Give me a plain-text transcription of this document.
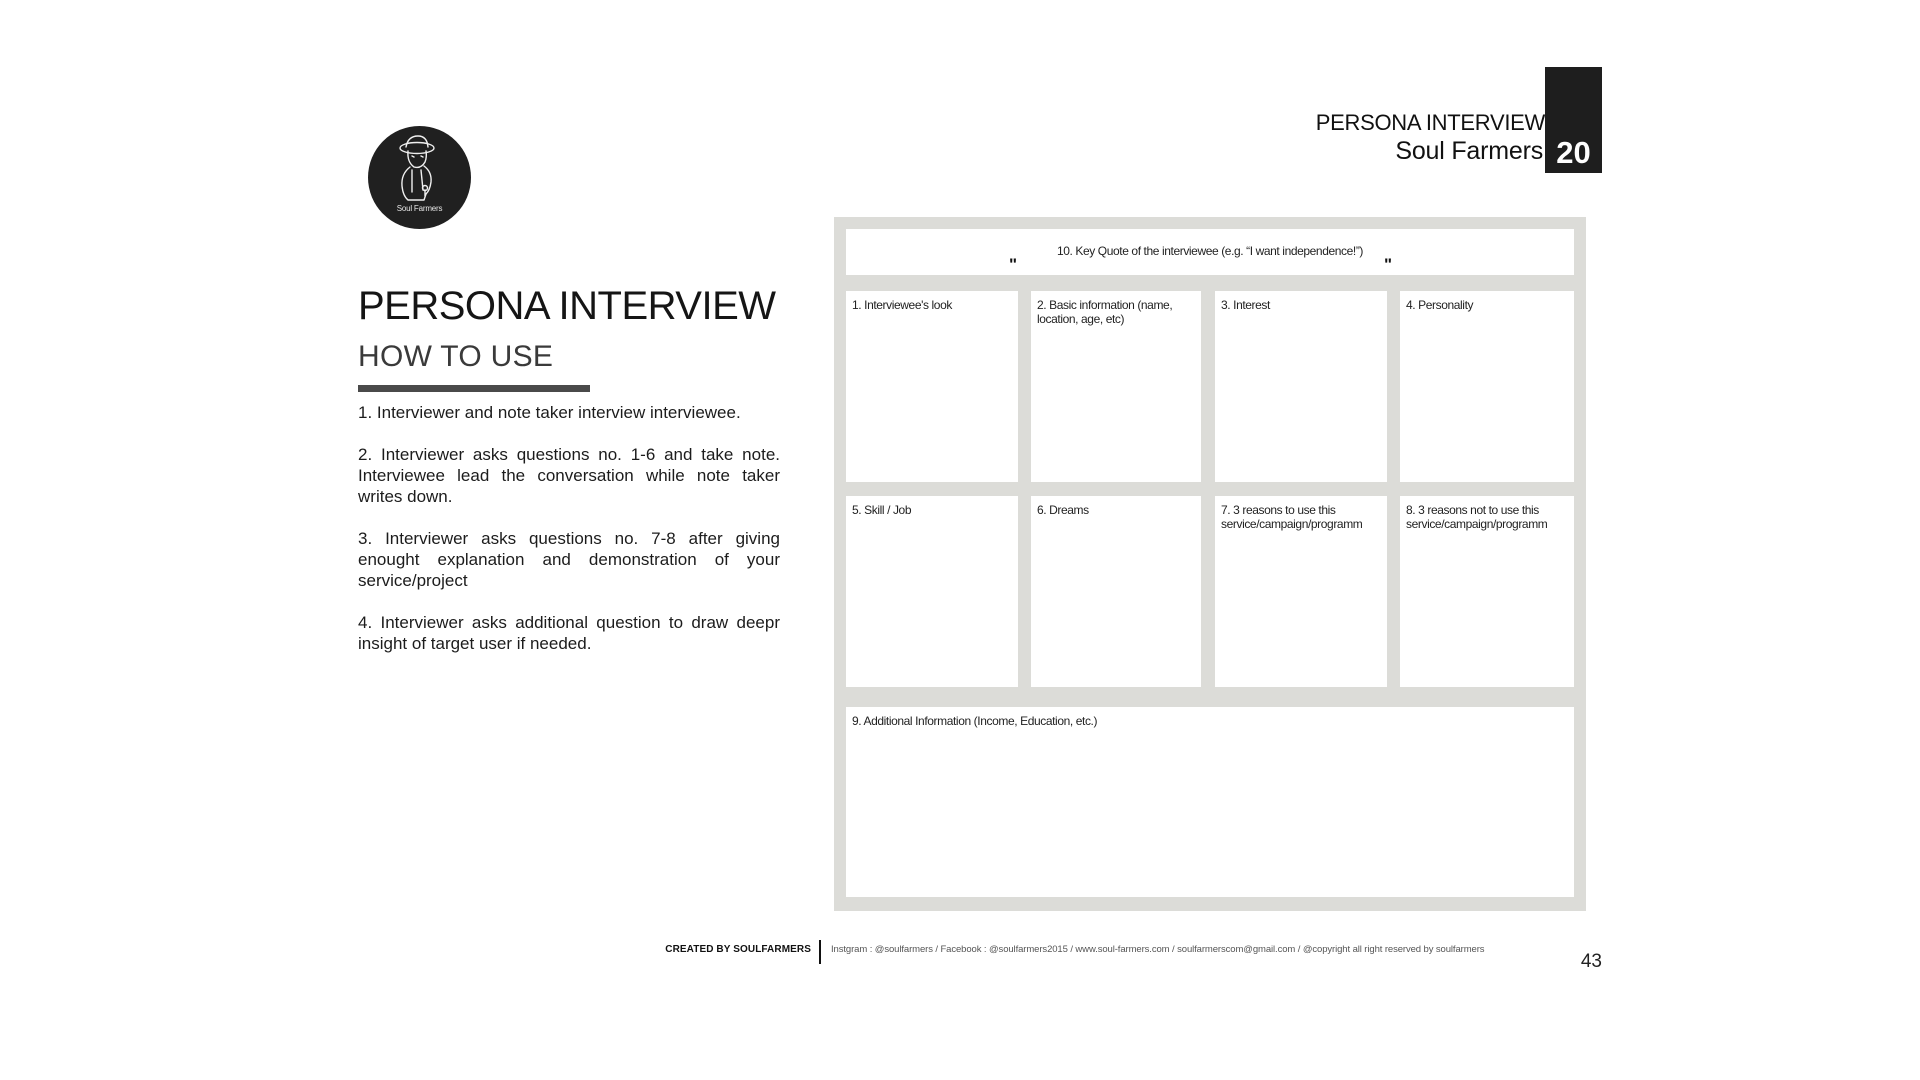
PERSONA INTERVIEW
Soul Farmers 20
Soul Farmers
PERSONA INTERVIEW
HOW TO USE

1. Interviewer and note taker interview interviewee.

2. Interviewer asks questions no. 1-6 and take note. Interviewee lead the conversation while note taker writes down.

3. Interviewer asks questions no. 7-8 after giving enought explanation and demonstration of your service/project

4. Interviewer asks additional question to draw deepr insight of target user if needed.

10. Key Quote of the interviewee (e.g. “I want independence!”)
"	"
1. Interviewee's look	2. Basic information (name, location, age, etc)
3. Interest	4. Personality
5. Skill / Job	6. Dreams	7. 3 reasons to use this service/campaign/programm
8. 3 reasons not to use this service/campaign/programm
9. Additional Information (Income, Education, etc.)
CREATED BY SOULFARMERS Instgram : @soulfarmers / Facebook : @soulfarmers2015 / www.soul-farmers.com / soulfarmerscom@gmail.com / @copyright all right reserved by soulfarmers
43
